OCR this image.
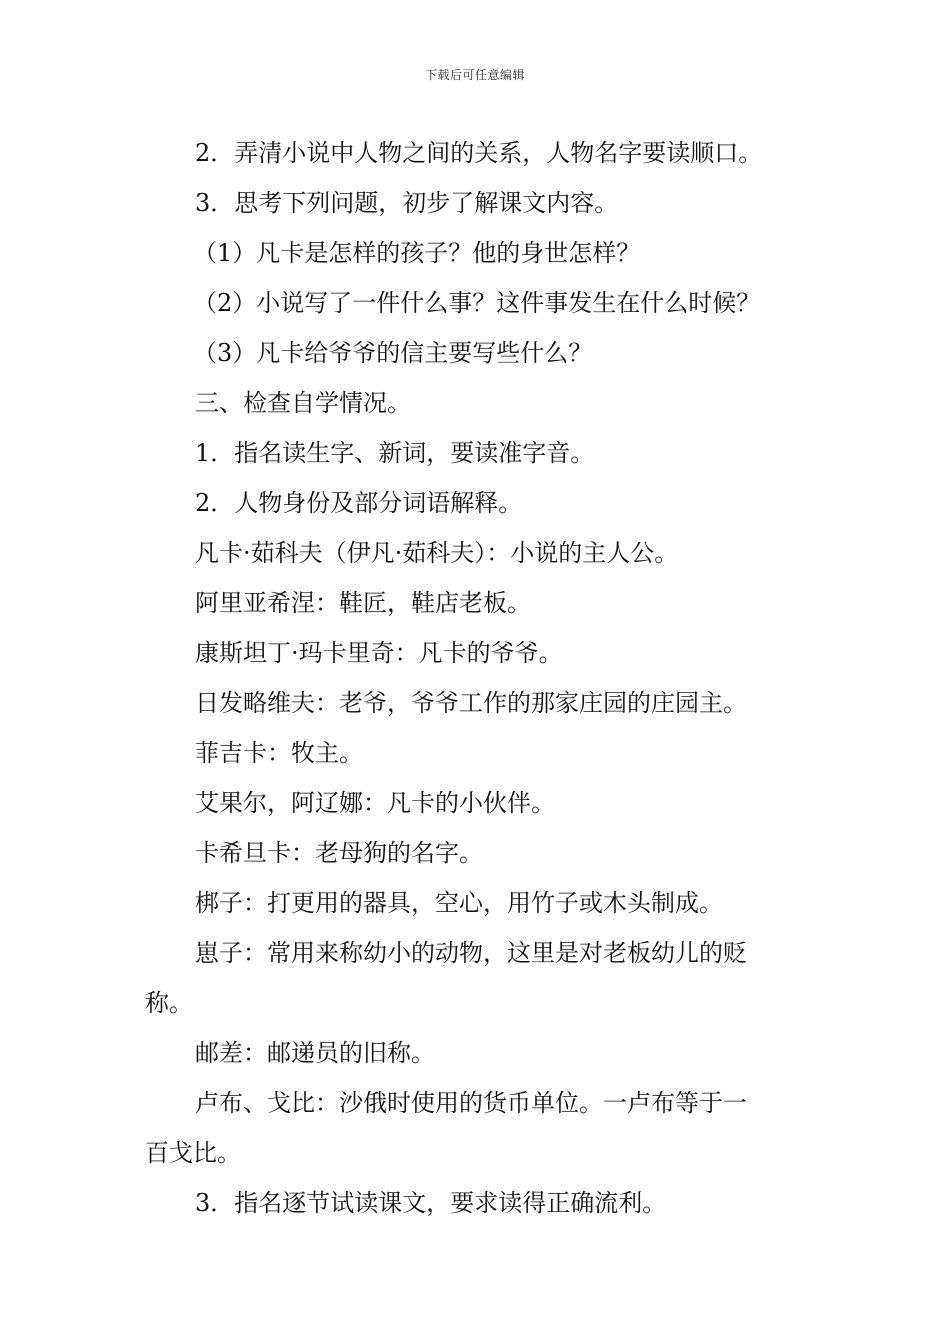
下载后可任意编辑

2．弄清小说中人物之间的关系，人物名字要读顺口。

3．思考下列问题，初步了解课文内容。

（1）凡卡是怎样的孩子？他的身世怎样？

（2）小说写了一件什么事？这件事发生在什么时候？

（3）凡卡给爷爷的信主要写些什么？

三、检查自学情况。

1．指名读生字、新词，要读准字音。

2．人物身份及部分词语解释。

凡卡·茹科夫（伊凡·茹科夫）：小说的主人公。

阿里亚希涅：鞋匠，鞋店老板。

康斯坦丁·玛卡里奇：凡卡的爷爷。

日发略维夫：老爷，爷爷工作的那家庄园的庄园主。

菲吉卡：牧主。

艾果尔，阿辽娜：凡卡的小伙伴。

卡希旦卡：老母狗的名字。

梆子：打更用的器具，空心，用竹子或木头制成。

崽子：常用来称幼小的动物，这里是对老板幼儿的贬

称。

邮差：邮递员的旧称。

卢布、戈比：沙俄时使用的货币单位。一卢布等于一

百戈比。

3．指名逐节试读课文，要求读得正确流利。
